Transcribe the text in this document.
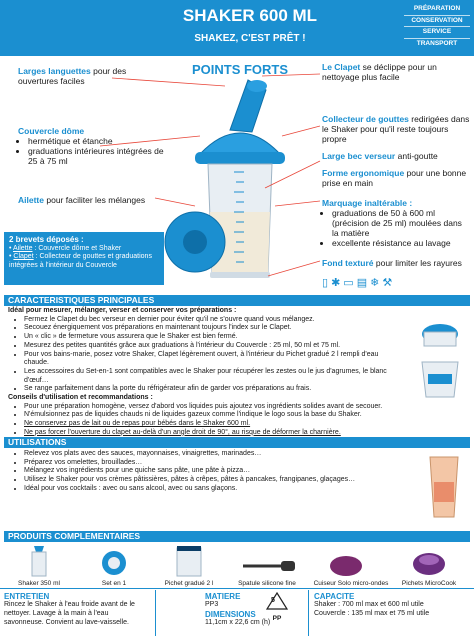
SHAKER 600 ML
SHAKEZ, C'EST PRÊT !
PRÉPARATION
CONSERVATION
SERVICE
TRANSPORT
POINTS FORTS
Larges languettes pour des ouvertures faciles
Couvercle dôme
• hermétique et étanche
• graduations intérieures intégrées de 25 à 75 ml
Ailette pour faciliter les mélanges
Le Clapet se déclippe pour un nettoyage plus facile
Collecteur de gouttes redirigées dans le Shaker pour qu'il reste toujours propre
Large bec verseur anti-goutte
Forme ergonomique pour une bonne prise en main
Marquage inaltérable :
• graduations de 50 à 600 ml (précision de 25 ml) moulées dans la matière
• excellente résistance au lavage
Fond texturé pour limiter les rayures
▯ ✱ ▭ ▤ ❄ ⚒
2 brevets déposés :
• Ailette : Couvercle dôme et Shaker
• Clapet : Collecteur de gouttes et graduations intégrées à l'intérieur du Couvercle
CARACTERISTIQUES PRINCIPALES
Idéal pour mesurer, mélanger, verser et conserver vos préparations :
• Fermez le Clapet du bec verseur en dernier pour éviter qu'il ne s'ouvre quand vous mélangez.
• Secouez énergiquement vos préparations en maintenant toujours l'index sur le Clapet.
• Un « clic » de fermeture vous assurera que le Shaker est bien fermé.
• Mesurez des petites quantités grâce aux graduations à l'intérieur du Couvercle : 25 ml, 50 ml et 75 ml.
• Pour vos bains-marie, posez votre Shaker, Clapet légèrement ouvert, à l'intérieur du Pichet gradué 2 l rempli d'eau chaude.
• Les accessoires du Set-en-1 sont compatibles avec le Shaker pour récupérer les zestes ou le jus d'agrumes, le blanc d'œuf…
• Se range parfaitement dans la porte du réfrigérateur afin de garder vos préparations au frais.
Conseils d'utilisation et recommandations :
• Pour une préparation homogène, versez d'abord vos liquides puis ajoutez vos ingrédients solides avant de secouer.
• N'émulsionnez pas de liquides chauds ni de liquides gazeux comme l'indique le logo sous la base du Shaker.
• Ne conservez pas de lait ou de repas pour bébés dans le Shaker 600 ml.
• Ne pas forcer l'ouverture du clapet au-delà d'un angle droit de 90°, au risque de déformer la charnière.
UTILISATIONS
• Relevez vos plats avec des sauces, mayonnaises, vinaigrettes, marinades…
• Préparez vos omelettes, brouillades…
• Mélangez vos ingrédients pour une quiche sans pâte, une pâte à pizza…
• Utilisez le Shaker pour vos crèmes pâtissières, pâtes à crêpes, pâtes à pancakes, frangipanes, glaçages…
• Idéal pour vos cocktails : avec ou sans alcool, avec ou sans glaçons.
PRODUITS COMPLEMENTAIRES
Shaker 350 ml	Set en 1	Pichet gradué 2 l	Spatule silicone fine	Cuiseur Solo micro-ondes	Pichets MicroCook
ENTRETIEN
Rincez le Shaker à l'eau froide avant de le nettoyer. Lavage à la main à l'eau savonneuse. Convient au lave-vaisselle.
MATIERE
PP3
DIMENSIONS
11,1cm x 22,6 cm (h)
5
PP
CAPACITE
Shaker : 700 ml max et 600 ml utile
Couvercle : 135 ml max et 75 ml utile
